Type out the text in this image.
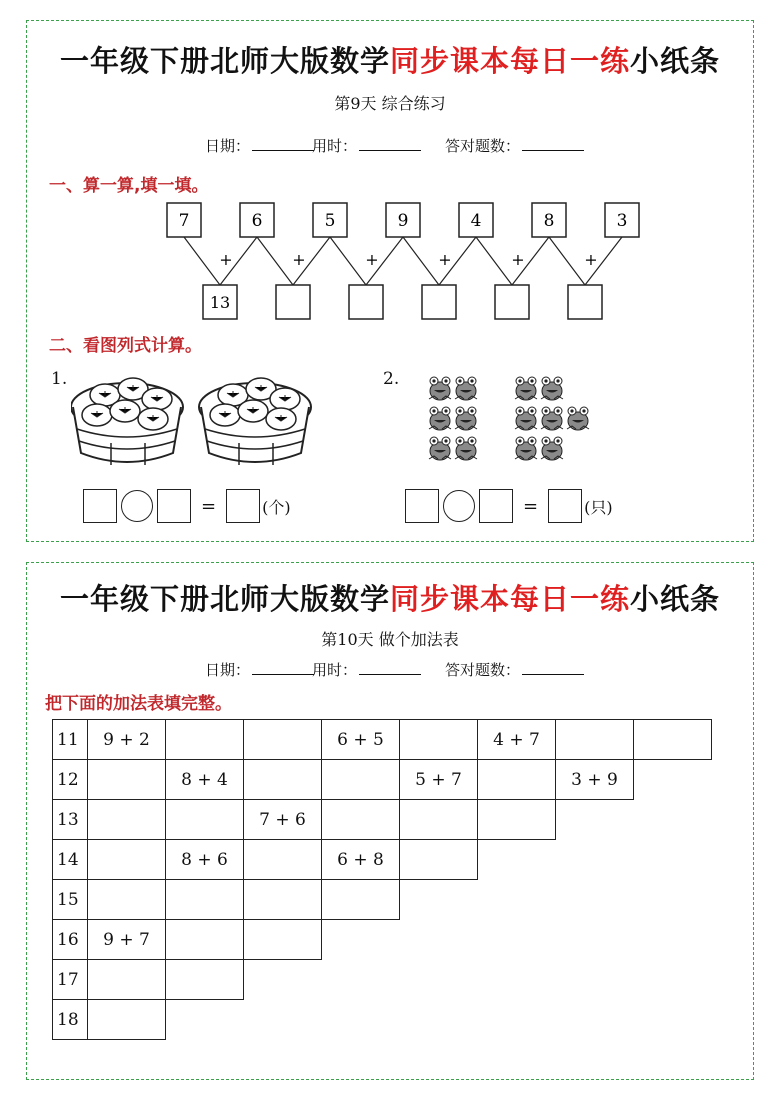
一年级下册北师大版数学同步课本每日一练小纸条
第9天 综合练习
日期：	用时：	答对题数：
一、算一算,填一填。
+
13
+	+	+	+	+
7	6	5	9	4	8	3
二、看图列式计算。
1.	2.
=	(个)	=	(只)
一年级下册北师大版数学同步课本每日一练小纸条
第10天 做个加法表
日期：	用时：	答对题数：
把下面的加法表填完整。
11	9 + 2			6 + 5		4 + 7		
12		8 + 4			5 + 7		3 + 9	
13			7 + 6					
14		8 + 6		6 + 8				
15								
16	9 + 7							
17								
18								
